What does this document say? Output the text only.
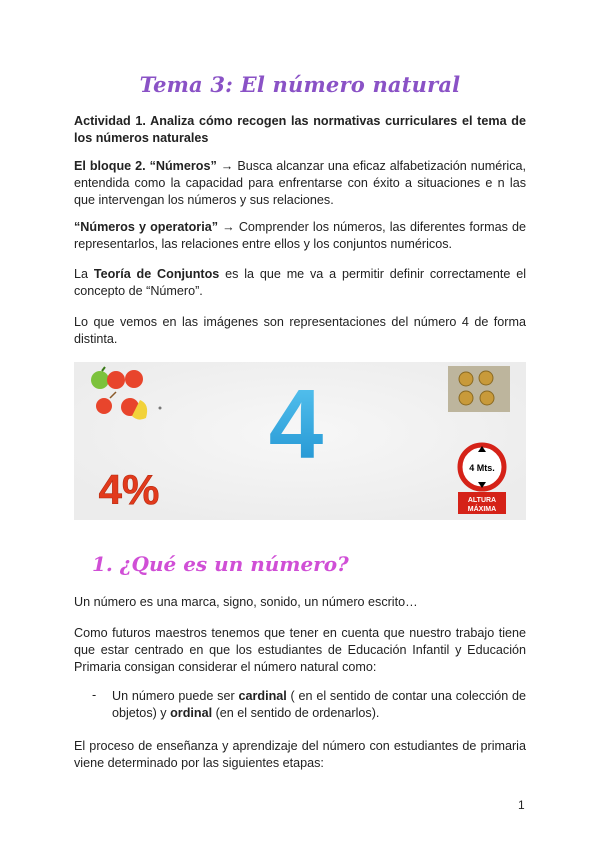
Tema 3: El número natural
Actividad 1. Analiza cómo recogen las normativas curriculares el tema de los números naturales
El bloque 2. “Números” → Busca alcanzar una eficaz alfabetización numérica, entendida como la capacidad para enfrentarse con éxito a situaciones e n las que intervengan los números y sus relaciones.
“Números y operatoria” → Comprender los números, las diferentes formas de representarlos, las relaciones entre ellos y los conjuntos numéricos.
La Teoría de Conjuntos es la que me va a permitir definir correctamente el concepto de “Número”.
Lo que vemos en las imágenes son representaciones del número 4 de forma distinta.
4
4%	4 Mts.
ALTURA
MÁXIMA
1. ¿Qué es un número?
Un número es una marca, signo, sonido, un número escrito…
Como futuros maestros tenemos que tener en cuenta que nuestro trabajo tiene que estar centrado en que los estudiantes de Educación Infantil y Educación Primaria consigan considerar el número natural como:
- Un número puede ser cardinal ( en el sentido de contar una colección de objetos) y ordinal (en el sentido de ordenarlos).
El proceso de enseñanza y aprendizaje del número con estudiantes de primaria viene determinado por las siguientes etapas:
1
